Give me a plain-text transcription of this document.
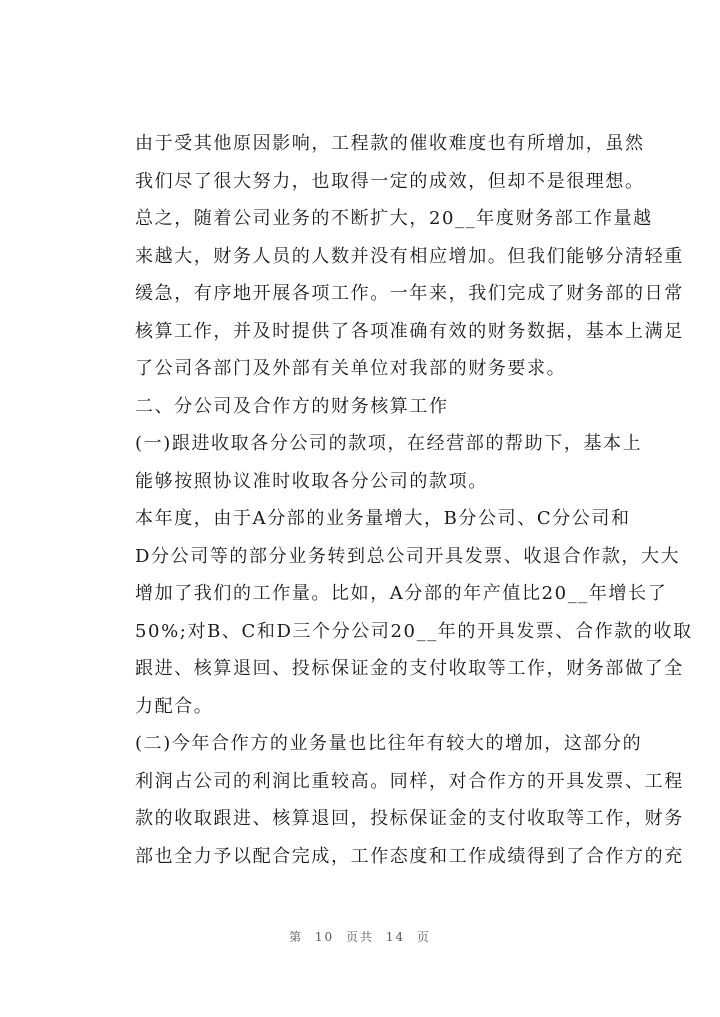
由于受其他原因影响，工程款的催收难度也有所增加，虽然
我们尽了很大努力，也取得一定的成效，但却不是很理想。

总之，随着公司业务的不断扩大，20__年度财务部工作量越
来越大，财务人员的人数并没有相应增加。但我们能够分清轻重
缓急，有序地开展各项工作。一年来，我们完成了财务部的日常
核算工作，并及时提供了各项准确有效的财务数据，基本上满足
了公司各部门及外部有关单位对我部的财务要求。

二、分公司及合作方的财务核算工作

(一)跟进收取各分公司的款项，在经营部的帮助下，基本上
能够按照协议准时收取各分公司的款项。

本年度，由于A分部的业务量增大，B分公司、C分公司和
D分公司等的部分业务转到总公司开具发票、收退合作款，大大
增加了我们的工作量。比如，A分部的年产值比20__年增长了
50%;对B、C和D三个分公司20__年的开具发票、合作款的收取
跟进、核算退回、投标保证金的支付收取等工作，财务部做了全
力配合。

(二)今年合作方的业务量也比往年有较大的增加，这部分的
利润占公司的利润比重较高。同样，对合作方的开具发票、工程
款的收取跟进、核算退回，投标保证金的支付收取等工作，财务
部也全力予以配合完成，工作态度和工作成绩得到了合作方的充

第 10 页共 14 页
